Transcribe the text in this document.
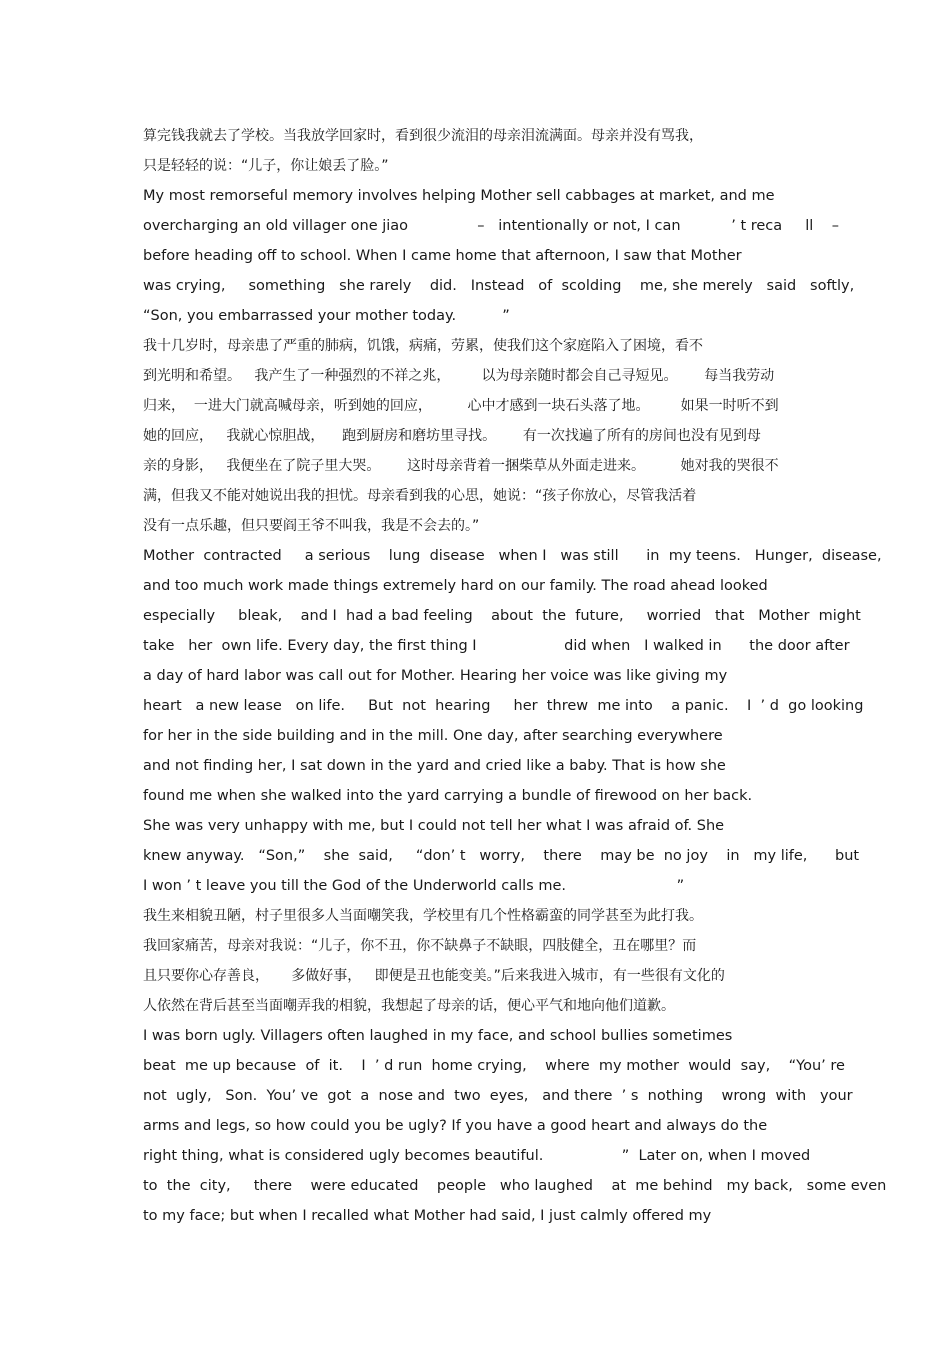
算完钱我就去了学校。当我放学回家时，看到很少流泪的母亲泪流满面。母亲并没有骂我，
只是轻轻的说：“儿子，你让娘丢了脸。”
My most remorseful memory involves helping Mother sell cabbages at market, and me
overcharging an old villager one jiao               –   intentionally or not, I can           ’ t reca     ll    –
before heading off to school. When I came home that afternoon, I saw that Mother
was crying,     something   she rarely    did.   Instead   of  scolding    me, she merely   said   softly,
“Son, you embarrassed your mother today.          ”
我十几岁时，母亲患了严重的肺病，饥饿，病痛，劳累，使我们这个家庭陷入了困境，看不
到光明和希望。   我产生了一种强烈的不祥之兆，       以为母亲随时都会自己寻短见。      每当我劳动
归来，  一进大门就高喊母亲，听到她的回应，        心中才感到一块石头落了地。       如果一时听不到
她的回应，   我就心惊胆战，    跑到厨房和磨坊里寻找。      有一次找遍了所有的房间也没有见到母
亲的身影，   我便坐在了院子里大哭。      这时母亲背着一捆柴草从外面走进来。        她对我的哭很不
满，但我又不能对她说出我的担忧。母亲看到我的心思，她说：“孩子你放心，尽管我活着
没有一点乐趣，但只要阎王爷不叫我，我是不会去的。”
Mother  contracted     a serious    lung  disease   when I   was still      in  my teens.   Hunger,  disease,
and too much work made things extremely hard on our family. The road ahead looked
especially     bleak,    and I  had a bad feeling    about  the  future,     worried   that   Mother  might
take   her  own life. Every day, the first thing I                   did when   I walked in      the door after
a day of hard labor was call out for Mother. Hearing her voice was like giving my
heart   a new lease   on life.     But  not  hearing     her  threw  me into    a panic.    I  ’ d  go looking
for her in the side building and in the mill. One day, after searching everywhere
and not finding her, I sat down in the yard and cried like a baby. That is how she
found me when she walked into the yard carrying a bundle of firewood on her back.
She was very unhappy with me, but I could not tell her what I was afraid of. She
knew anyway.   “Son,”    she  said,     “don’ t   worry,    there    may be  no joy    in   my life,      but
I won ’ t leave you till the God of the Underworld calls me.                        ”
我生来相貌丑陋，村子里很多人当面嘲笑我，学校里有几个性格霸蛮的同学甚至为此打我。
我回家痛苦，母亲对我说：“儿子，你不丑，你不缺鼻子不缺眼，四肢健全，丑在哪里？而
且只要你心存善良，     多做好事，   即便是丑也能变美。”后来我进入城市，有一些很有文化的
人依然在背后甚至当面嘲弄我的相貌，我想起了母亲的话，便心平气和地向他们道歉。
I was born ugly. Villagers often laughed in my face, and school bullies sometimes
beat  me up because  of  it.    I  ’ d run  home crying,    where  my mother  would  say,    “You’ re
not  ugly,   Son.  You’ ve  got  a  nose and  two  eyes,   and there  ’ s  nothing    wrong  with   your
arms and legs, so how could you be ugly? If you have a good heart and always do the
right thing, what is considered ugly becomes beautiful.                 ”  Later on, when I moved
to  the  city,     there    were educated    people   who laughed    at  me behind   my back,   some even
to my face; but when I recalled what Mother had said, I just calmly offered my
